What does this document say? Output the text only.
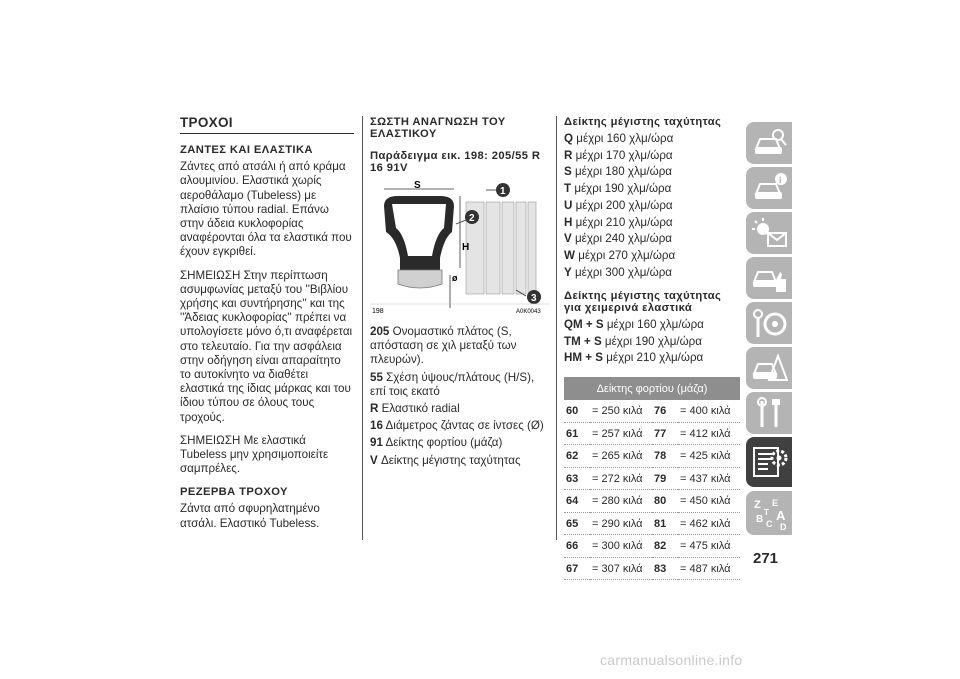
ΤΡΟΧΟΙ
ΖΑΝΤΕΣ ΚΑΙ ΕΛΑΣΤΙΚΑ

Ζάντες από ατσάλι ή από κράμα αλουμινίου. Ελαστικά χωρίς αεροθάλαμο (Tubeless) με πλαίσιο τύπου radial. Επάνω στην άδεια κυκλοφορίας αναφέρονται όλα τα ελαστικά που έχουν εγκριθεί.

ΣΗΜΕΙΩΣΗ Στην περίπτωση ασυμφωνίας μεταξύ του ''Βιβλίου χρήσης και συντήρησης'' και της ''Άδειας κυκλοφορίας'' πρέπει να υπολογίσετε μόνο ό,τι αναφέρεται στο τελευταίο. Για την ασφάλεια στην οδήγηση είναι απαραίτητο το αυτοκίνητο να διαθέτει ελαστικά της ίδιας μάρκας και του ίδιου τύπου σε όλους τους τροχούς.

ΣΗΜΕΙΩΣΗ Με ελαστικά Tubeless μην χρησιμοποιείτε σαμπρέλες.

ΡΕΖΕΡΒΑ ΤΡΟΧΟΥ

Ζάντα από σφυρηλατημένο ατσάλι. Ελαστικό Tubeless.

ΣΩΣΤΗ ΑΝΑΓΝΩΣΗ ΤΟΥ ΕΛΑΣΤΙΚΟΥ
Παράδειγμα εικ. 198: 205/55 R 16 91V
S
H
ø
1
2
3
198	A0K0043
205 Ονομαστικό πλάτος (S, απόσταση σε χιλ μεταξύ των πλευρών).
55 Σχέση ύψους/πλάτους (H/S), επί τοις εκατό
R Ελαστικό radial
16 Διάμετρος ζάντας σε ίντσες (Ø)
91 Δείκτης φορτίου (μάζα)
V Δείκτης μέγιστης ταχύτητας
Δείκτης μέγιστης ταχύτητας
Q μέχρι 160 χλμ/ώρα
R μέχρι 170 χλμ/ώρα
S μέχρι 180 χλμ/ώρα
T μέχρι 190 χλμ/ώρα
U μέχρι 200 χλμ/ώρα
H μέχρι 210 χλμ/ώρα
V μέχρι 240 χλμ/ώρα
W μέχρι 270 χλμ/ώρα
Y μέχρι 300 χλμ/ώρα
Δείκτης μέγιστης ταχύτητας για χειμερινά ελαστικά
QM + S μέχρι 160 χλμ/ώρα
TM + S μέχρι 190 χλμ/ώρα
HM + S μέχρι 210 χλμ/ώρα
Δείκτης φορτίου (μάζα)			
60	= 250 κιλά	76	= 400 κιλά
61	= 257 κιλά	77	= 412 κιλά
62	= 265 κιλά	78	= 425 κιλά
63	= 272 κιλά	79	= 437 κιλά
64	= 280 κιλά	80	= 450 κιλά
65	= 290 κιλά	81	= 462 κιλά
66	= 300 κιλά	82	= 475 κιλά
67	= 307 κιλά	83	= 487 κιλά
i
Z E
B A
C D
T
271
carmanualsonline.info
